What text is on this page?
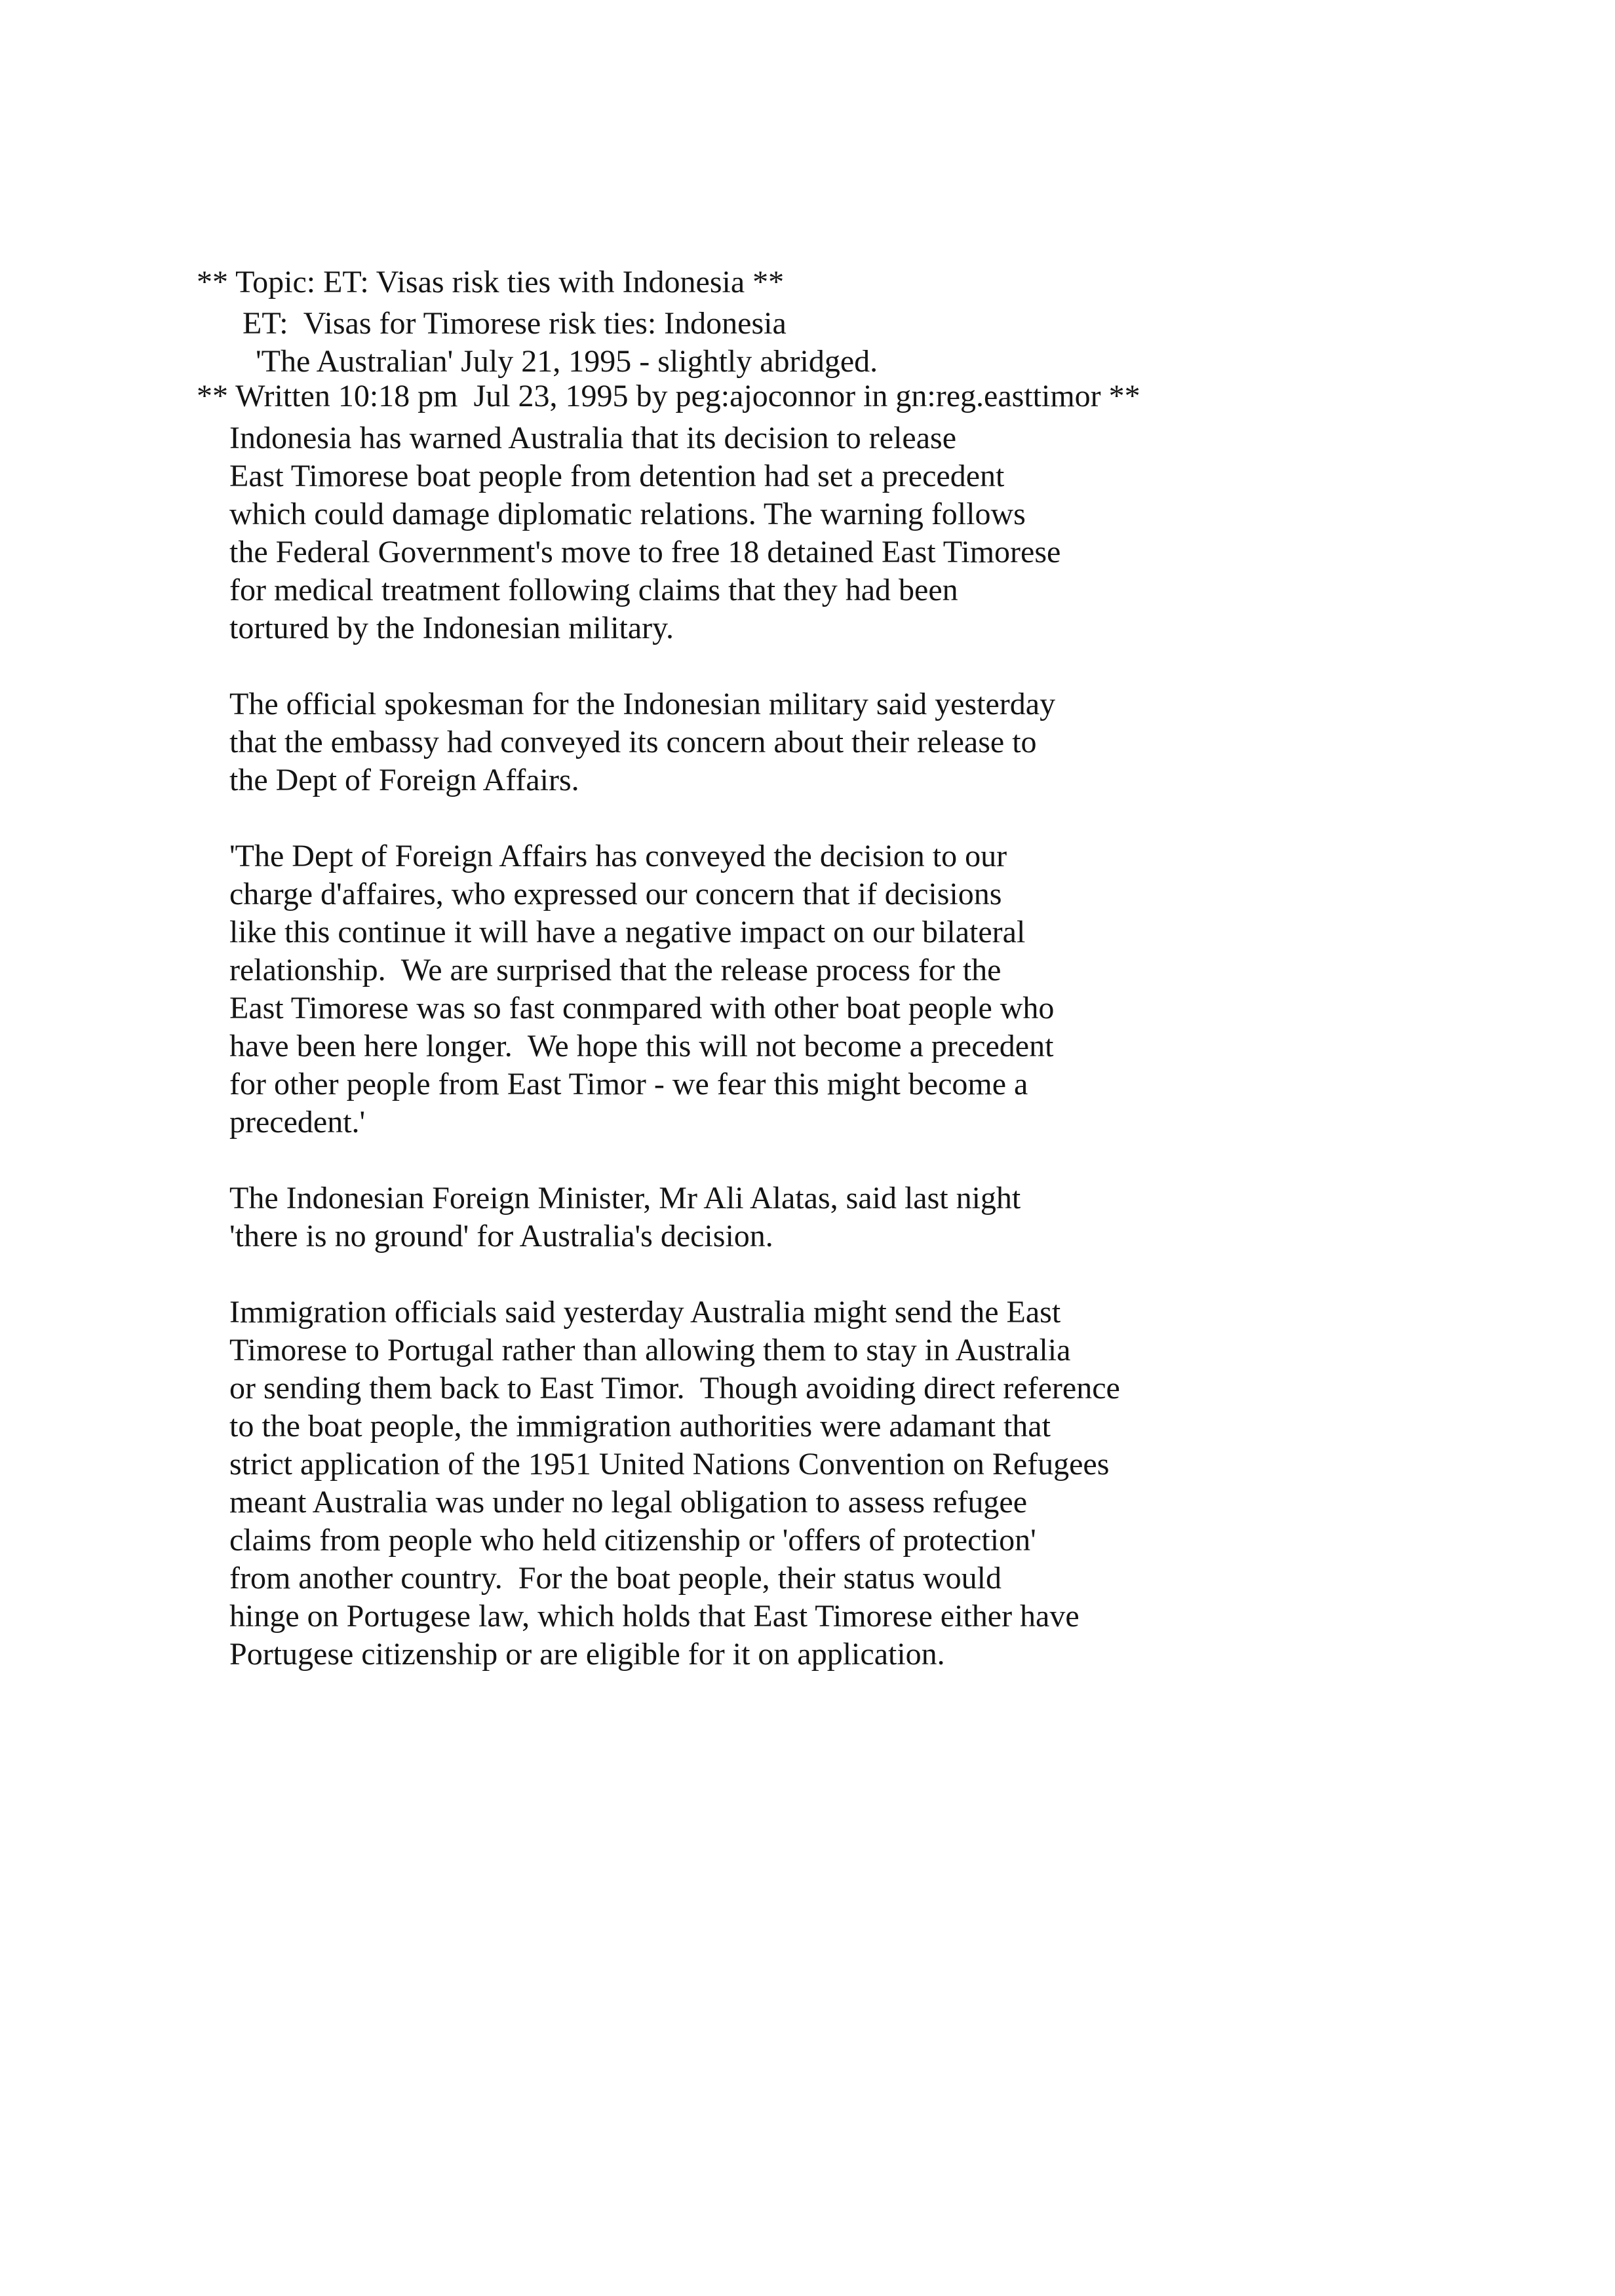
** Topic: ET: Visas risk ties with Indonesia **

** Written 10:18 pm  Jul 23, 1995 by peg:ajoconnor in gn:reg.easttimor **

ET:  Visas for Timorese risk ties: Indonesia
'The Australian' July 21, 1995 - slightly abridged.
Indonesia has warned Australia that its decision to release
East Timorese boat people from detention had set a precedent
which could damage diplomatic relations. The warning follows
the Federal Government's move to free 18 detained East Timorese
for medical treatment following claims that they had been
tortured by the Indonesian military.
The official spokesman for the Indonesian military said yesterday
that the embassy had conveyed its concern about their release to
the Dept of Foreign Affairs.
'The Dept of Foreign Affairs has conveyed the decision to our
charge d'affaires, who expressed our concern that if decisions
like this continue it will have a negative impact on our bilateral
relationship.  We are surprised that the release process for the
East Timorese was so fast conmpared with other boat people who
have been here longer.  We hope this will not become a precedent
for other people from East Timor - we fear this might become a
precedent.'
The Indonesian Foreign Minister, Mr Ali Alatas, said last night
'there is no ground' for Australia's decision.
Immigration officials said yesterday Australia might send the East
Timorese to Portugal rather than allowing them to stay in Australia
or sending them back to East Timor.  Though avoiding direct reference
to the boat people, the immigration authorities were adamant that
strict application of the 1951 United Nations Convention on Refugees
meant Australia was under no legal obligation to assess refugee
claims from people who held citizenship or 'offers of protection'
from another country.  For the boat people, their status would
hinge on Portugese law, which holds that East Timorese either have
Portugese citizenship or are eligible for it on application.
